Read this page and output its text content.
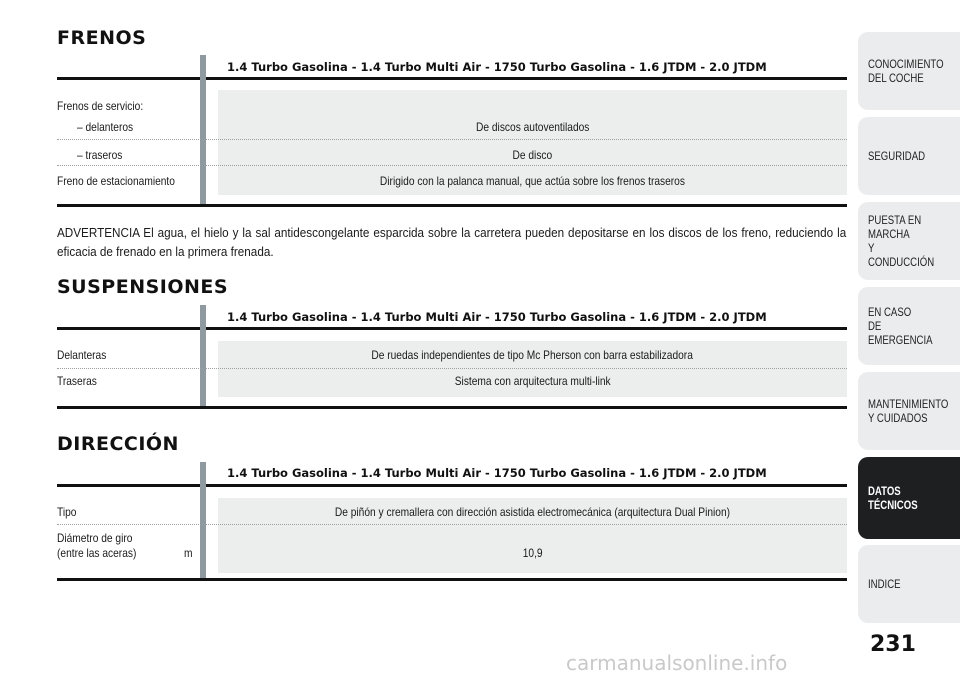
FRENOS
1.4 Turbo Gasolina - 1.4 Turbo Multi Air - 1750 Turbo Gasolina - 1.6 JTDM - 2.0 JTDM
Frenos de servicio:
– delanteros	De discos autoventilados
– traseros	De disco
Freno de estacionamiento	Dirigido con la palanca manual, que actúa sobre los frenos traseros
ADVERTENCIA El agua, el hielo y la sal antidescongelante esparcida sobre la carretera pueden depositarse en los discos de los freno, reduciendo la eficacia de frenado en la primera frenada.
SUSPENSIONES
1.4 Turbo Gasolina - 1.4 Turbo Multi Air - 1750 Turbo Gasolina - 1.6 JTDM - 2.0 JTDM
Delanteras	De ruedas independientes de tipo Mc Pherson con barra estabilizadora
Traseras	Sistema con arquitectura multi-link
DIRECCIÓN
1.4 Turbo Gasolina - 1.4 Turbo Multi Air - 1750 Turbo Gasolina - 1.6 JTDM - 2.0 JTDM
Tipo	De piñón y cremallera con dirección asistida electromecánica (arquitectura Dual Pinion)
Diámetro de giro
(entre las aceras)	m	10,9
CONOCIMIENTO
DEL COCHE
SEGURIDAD
PUESTA EN MARCHA
Y CONDUCCIÓN
EN CASO
DE EMERGENCIA
MANTENIMIENTO
Y CUIDADOS
DATOS TÉCNICOS
INDICE
231
carmanualsonline.info
